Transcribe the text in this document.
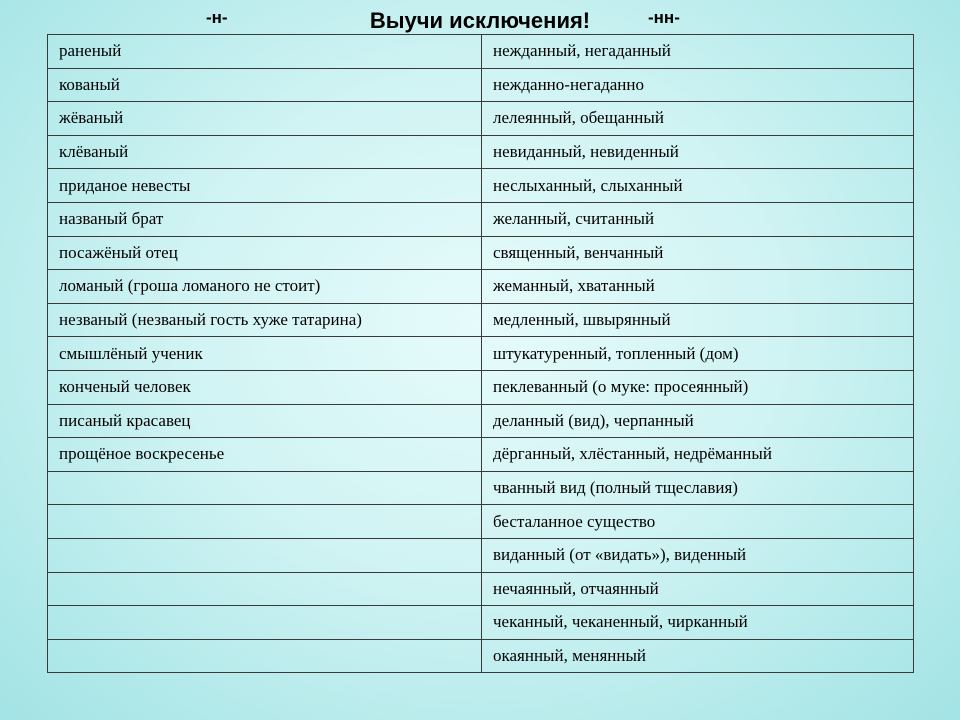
Выучи исключения!
-н-	-нн-
раненый	нежданный, негаданный
кованый	нежданно-негаданно
жёваный	лелеянный, обещанный
клёваный	невиданный, невиденный
приданое невесты	неслыханный, слыханный
названый брат	желанный, считанный
посажёный отец	священный, венчанный
ломаный (гроша ломаного не стоит)	жеманный, хватанный
незваный (незваный гость хуже татарина)	медленный, швырянный
смышлёный ученик	штукатуренный, топленный (дом)
конченый человек	пеклеванный (о муке: просеянный)
писаный красавец	деланный (вид), черпанный
прощёное воскресенье	дёрганный, хлёстанный, недрёманный
	чванный вид (полный тщеславия)
	бесталанное существо
	виданный (от «видать»), виденный
	нечаянный, отчаянный
	чеканный, чеканенный, чирканный
	окаянный, менянный
